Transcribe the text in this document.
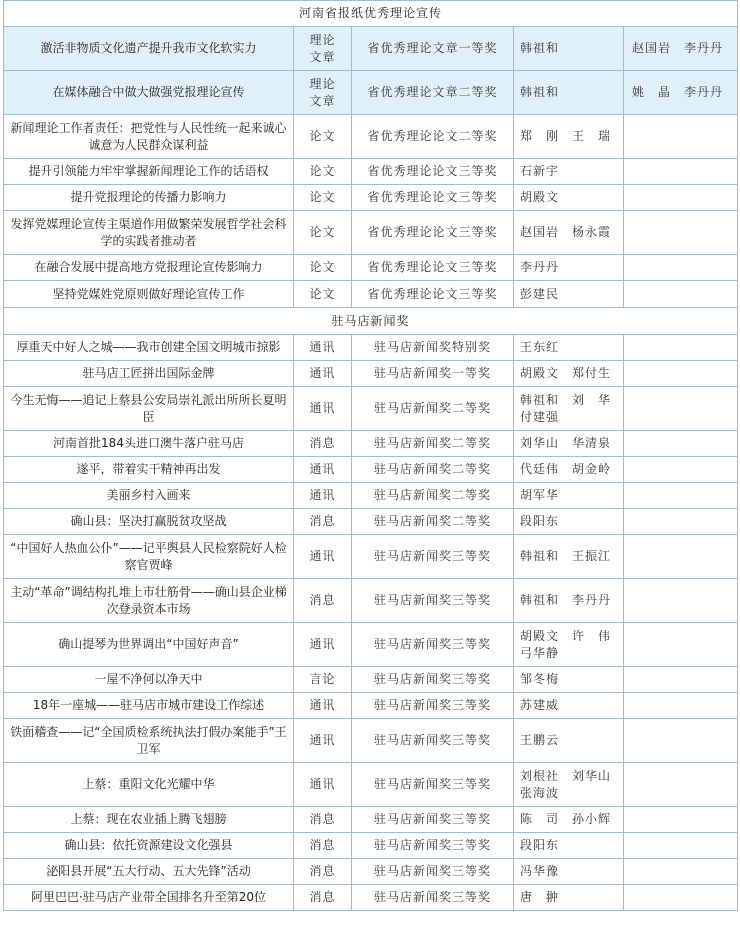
河南省报纸优秀理论宣传				
激活非物质文化遗产提升我市文化软实力	理论
文章	省优秀理论文章一等奖	韩祖和	赵国岩　李丹丹
在媒体融合中做大做强党报理论宣传	理论
文章	省优秀理论文章二等奖	韩祖和	姚　晶　李丹丹
新闻理论工作者责任：把党性与人民性统一起来诚心诚意为人民群众谋利益	论文	省优秀理论论文二等奖	郑　刚　王　瑞	
提升引领能力牢牢掌握新闻理论工作的话语权	论文	省优秀理论论文三等奖	石新宇	
提升党报理论的传播力影响力	论文	省优秀理论论文三等奖	胡殿文	
发挥党媒理论宣传主渠道作用做繁荣发展哲学社会科学的实践者推动者	论文	省优秀理论论文三等奖	赵国岩　杨永霞	
在融合发展中提高地方党报理论宣传影响力	论文	省优秀理论论文三等奖	李丹丹	
坚持党媒姓党原则做好理论宣传工作	论文	省优秀理论论文三等奖	彭建民	
驻马店新闻奖				
厚重天中好人之城——我市创建全国文明城市掠影	通讯	驻马店新闻奖特别奖	王东红	
驻马店工匠拼出国际金牌	通讯	驻马店新闻奖一等奖	胡殿文　郑付生	
今生无悔——追记上蔡县公安局崇礼派出所所长夏明臣	通讯	驻马店新闻奖二等奖	韩祖和　刘　华
付建强	
河南首批184头进口澳牛落户驻马店	消息	驻马店新闻奖二等奖	刘华山　华清泉	
遂平，带着实干精神再出发	通讯	驻马店新闻奖二等奖	代廷伟　胡金岭	
美丽乡村入画来	通讯	驻马店新闻奖二等奖	胡军华	
确山县：坚决打赢脱贫攻坚战	消息	驻马店新闻奖二等奖	段阳东	
“中国好人热血公仆”——记平舆县人民检察院好人检察官贾峰	通讯	驻马店新闻奖三等奖	韩祖和　王振江	
主动“革命”调结构扎堆上市壮筋骨——确山县企业梯次登录资本市场	消息	驻马店新闻奖三等奖	韩祖和　李丹丹	
确山提琴为世界调出“中国好声音”	通讯	驻马店新闻奖三等奖	胡殿文　许　伟
弓华静	
一屋不净何以净天中	言论	驻马店新闻奖三等奖	邹冬梅	
18年一座城——驻马店市城市建设工作综述	通讯	驻马店新闻奖三等奖	苏建威	
铁面稽查——记“全国质检系统执法打假办案能手”王卫军	通讯	驻马店新闻奖三等奖	王鹏云	
上蔡：重阳文化光耀中华	通讯	驻马店新闻奖三等奖	刘根社　刘华山
张海波	
上蔡：现在农业插上腾飞翅膀	消息	驻马店新闻奖三等奖	陈　司　孙小辉	
确山县：依托资源建设文化强县	消息	驻马店新闻奖三等奖	段阳东	
泌阳县开展“五大行动、五大先锋”活动	消息	驻马店新闻奖三等奖	冯华豫	
阿里巴巴·驻马店产业带全国排名升至第20位	消息	驻马店新闻奖三等奖	唐　翀	
